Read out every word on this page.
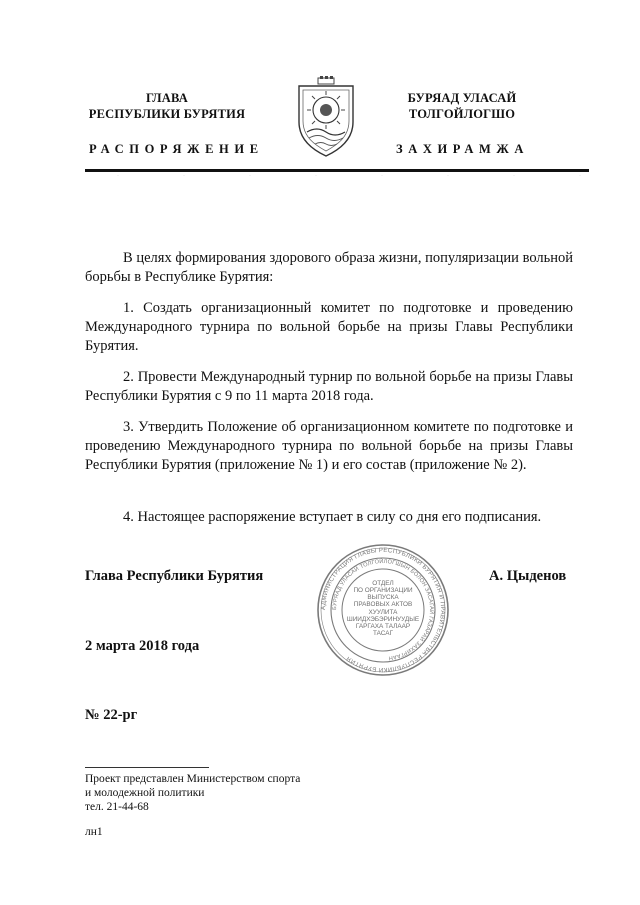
ГЛАВА
РЕСПУБЛИКИ БУРЯТИЯ
БУРЯАД УЛАСАЙ
ТОЛГОЙЛОГШО
РАСПОРЯЖЕНИЕ	ЗАХИРАМЖА

В целях формирования здорового образа жизни, популяризации вольной борьбы в Республике Бурятия:

1. Создать организационный комитет по подготовке и проведению Международного турнира по вольной борьбе на призы Главы Республики Бурятия.

2. Провести Международный турнир по вольной борьбе на призы Главы Республики Бурятия с 9 по 11 марта 2018 года.

3. Утвердить Положение об организационном комитете по подготовке и проведению Международного турнира по вольной борьбе на призы Главы Республики Бурятия (приложение № 1) и его состав (приложение № 2).

4. Настоящее распоряжение вступает в силу со дня его подписания.

Глава Республики Бурятия
АДМИНИСТРАЦИЯ ГЛАВЫ РЕСПУБЛИКИ БУРЯТИЯ И ПРАВИТЕЛЬСТВА РЕСПУБЛИКИ БУРЯТИЯ
БУРЯАД УЛАСАЙ ТОЛГОЙЛОГШЫН БОЛОН ЗАСАГАЙ ГАЗАРАЙ ЗАХИРГААН
ОТДЕЛ
ПО ОРГАНИЗАЦИИ
ВЫПУСКА
ПРАВОВЫХ АКТОВ
ХУУЛИТА
ШИИДХЭБЭРИНУУДЫЕ
ГАРГАХА ТАЛААР
ТАСАГ
А. Цыденов
2 марта 2018 года
№ 22-рг
Проект представлен Министерством спорта
и молодежной политики
тел. 21-44-68
лн1
